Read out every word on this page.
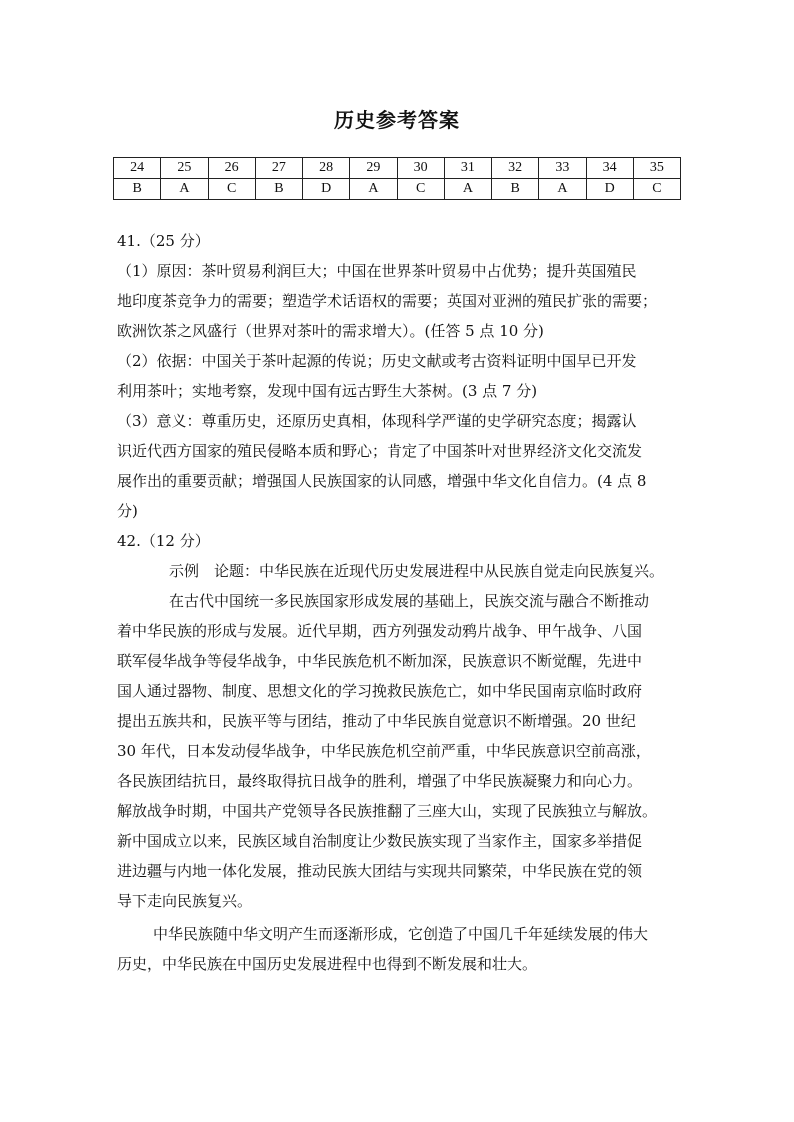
历史参考答案
24	25	26	27	28	29	30	31	32	33	34	35
B	A	C	B	D	A	C	A	B	A	D	C

41.（25 分）

（1）原因：茶叶贸易利润巨大；中国在世界茶叶贸易中占优势；提升英国殖民

地印度茶竞争力的需要；塑造学术话语权的需要；英国对亚洲的殖民扩张的需要；

欧洲饮茶之风盛行（世界对茶叶的需求增大）。(任答 5 点 10 分)

（2）依据：中国关于茶叶起源的传说；历史文献或考古资料证明中国早已开发

利用茶叶；实地考察，发现中国有远古野生大茶树。(3 点 7 分)

（3）意义：尊重历史，还原历史真相，体现科学严谨的史学研究态度；揭露认

识近代西方国家的殖民侵略本质和野心；肯定了中国茶叶对世界经济文化交流发

展作出的重要贡献；增强国人民族国家的认同感，增强中华文化自信力。(4 点 8

分)

42.（12 分）

示例　论题：中华民族在近现代历史发展进程中从民族自觉走向民族复兴。

在古代中国统一多民族国家形成发展的基础上，民族交流与融合不断推动

着中华民族的形成与发展。近代早期，西方列强发动鸦片战争、甲午战争、八国

联军侵华战争等侵华战争，中华民族危机不断加深，民族意识不断觉醒，先进中

国人通过器物、制度、思想文化的学习挽救民族危亡，如中华民国南京临时政府

提出五族共和，民族平等与团结，推动了中华民族自觉意识不断增强。20 世纪

30 年代，日本发动侵华战争，中华民族危机空前严重，中华民族意识空前高涨，

各民族团结抗日，最终取得抗日战争的胜利，增强了中华民族凝聚力和向心力。

解放战争时期，中国共产党领导各民族推翻了三座大山，实现了民族独立与解放。

新中国成立以来，民族区域自治制度让少数民族实现了当家作主，国家多举措促

进边疆与内地一体化发展，推动民族大团结与实现共同繁荣，中华民族在党的领

导下走向民族复兴。

中华民族随中华文明产生而逐渐形成，它创造了中国几千年延续发展的伟大

历史，中华民族在中国历史发展进程中也得到不断发展和壮大。
